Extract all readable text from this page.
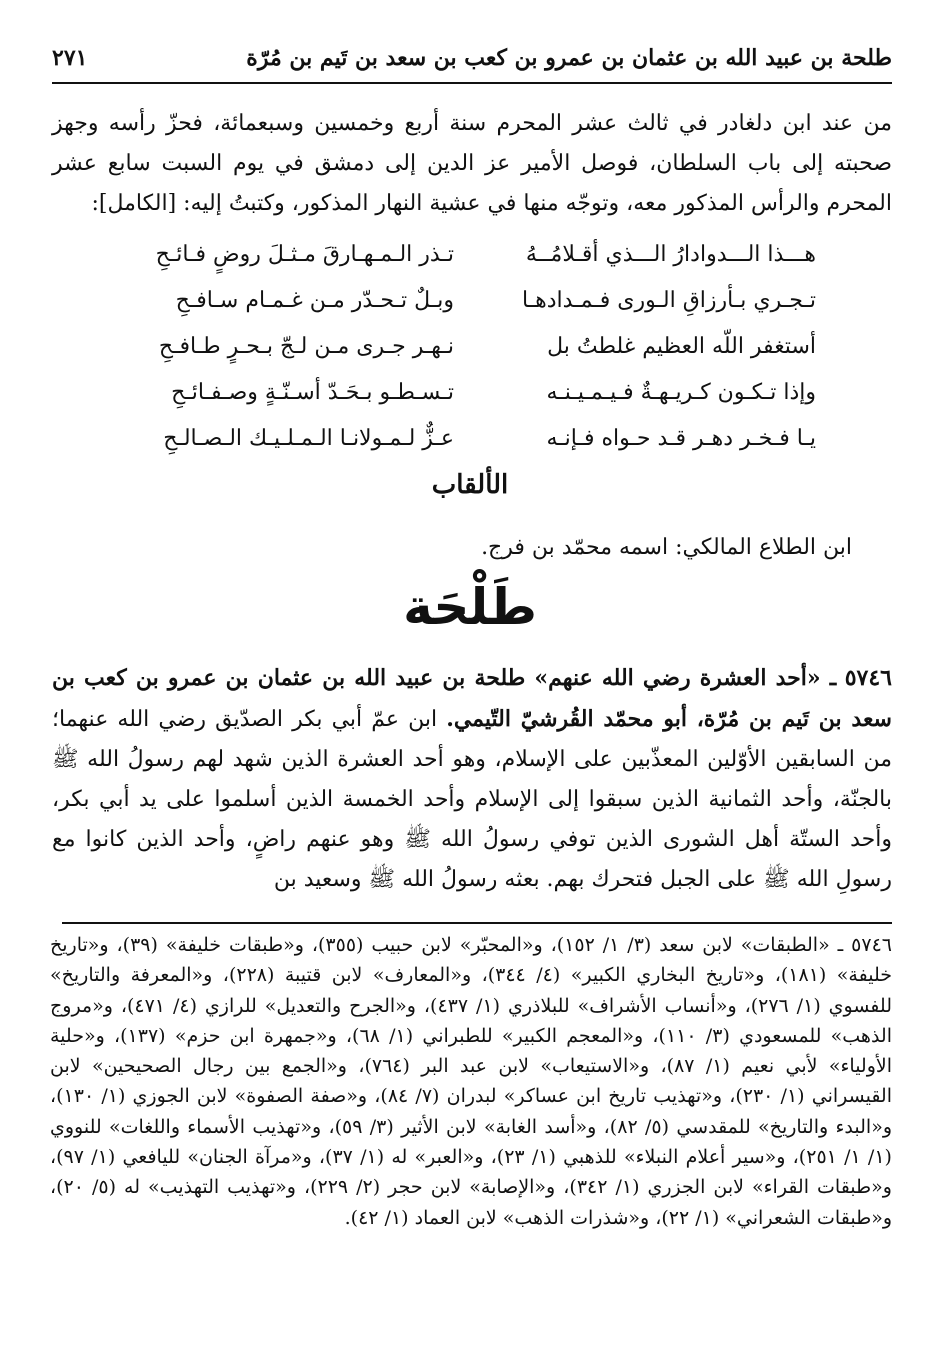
طلحة بن عبيد الله بن عثمان بن عمرو بن كعب بن سعد بن تَيم بن مُرّة
٢٧١

من عند ابن دلغادر في ثالث عشر المحرم سنة أربع وخمسين وسبعمائة، فحزّ رأسه وجهز صحبته إلى باب السلطان، فوصل الأمير عز الدين إلى دمشق في يوم السبت سابع عشر المحرم والرأس المذكور معه، وتوجّه منها في عشية النهار المذكور، وكتبتُ إليه: [الكامل]:

هـــذا الـــدوادارُ الـــذي أقـلامُــهُ
تـذر الـمـهـارقَ مـثـلَ روضٍ فـائـحِ
تـجـري بـأرزاقِ الـورى فـمـدادهـا
وبـلٌ تـحـدّر مـن غـمـام سـافـحِ
أستغفر اللّه العظيم غلطتُ بل
نـهـر جـرى مـن لـجّ بـحـرٍ طـافـحِ
وإذا تـكـون كـريـهـةٌ فـيـمـيـنـه
تـسـطـو بـحَـدّ أسـنّـةٍ وصـفـائـحِ
يـا فـخـر دهـر قـد حـواه فـإنـه
عـزٌّ لـمـولانـا الـمـلـيـك الـصـالـحِ
الألقاب

ابن الطلاع المالكي: اسمه محمّد بن فرج.

طَلْحَة

٥٧٤٦ ـ «أحد العشرة رضي الله عنهم» طلحة بن عبيد الله بن عثمان بن عمرو بن كعب بن سعد بن تَيم بن مُرّة، أبو محمّد القُرشيّ التّيمي. ابن عمّ أبي بكر الصدّيق رضي الله عنهما؛ من السابقين الأوّلين المعذّبين على الإسلام، وهو أحد العشرة الذين شهد لهم رسولُ الله ﷺ بالجنّة، وأحد الثمانية الذين سبقوا إلى الإسلام وأحد الخمسة الذين أسلموا على يد أبي بكر، وأحد الستّة أهل الشورى الذين توفي رسولُ الله ﷺ وهو عنهم راضٍ، وأحد الذين كانوا مع رسولِ الله ﷺ على الجبل فتحرك بهم. بعثه رسولُ الله ﷺ وسعيد بن

٥٧٤٦ ـ «الطبقات» لابن سعد (٣/ ١/ ١٥٢)، و«المحبّر» لابن حبيب (٣٥٥)، و«طبقات خليفة» (٣٩)، و«تاريخ خليفة» (١٨١)، و«تاريخ البخاري الكبير» (٤/ ٣٤٤)، و«المعارف» لابن قتيبة (٢٢٨)، و«المعرفة والتاريخ» للفسوي (١/ ٢٧٦)، و«أنساب الأشراف» للبلاذري (١/ ٤٣٧)، و«الجرح والتعديل» للرازي (٤/ ٤٧١)، و«مروج الذهب» للمسعودي (٣/ ١١٠)، و«المعجم الكبير» للطبراني (١/ ٦٨)، و«جمهرة ابن حزم» (١٣٧)، و«حلية الأولياء» لأبي نعيم (١/ ٨٧)، و«الاستيعاب» لابن عبد البر (٧٦٤)، و«الجمع بين رجال الصحيحين» لابن القيسراني (١/ ٢٣٠)، و«تهذيب تاريخ ابن عساكر» لبدران (٧/ ٨٤)، و«صفة الصفوة» لابن الجوزي (١/ ١٣٠)، و«البدء والتاريخ» للمقدسي (٥/ ٨٢)، و«أسد الغابة» لابن الأثير (٣/ ٥٩)، و«تهذيب الأسماء واللغات» للنووي (١/ ١/ ٢٥١)، و«سير أعلام النبلاء» للذهبي (١/ ٢٣)، و«العبر» له (١/ ٣٧)، و«مرآة الجنان» لليافعي (١/ ٩٧)، و«طبقات القراء» لابن الجزري (١/ ٣٤٢)، و«الإصابة» لابن حجر (٢/ ٢٢٩)، و«تهذيب التهذيب» له (٥/ ٢٠)، و«طبقات الشعراني» (١/ ٢٢)، و«شذرات الذهب» لابن العماد (١/ ٤٢).
